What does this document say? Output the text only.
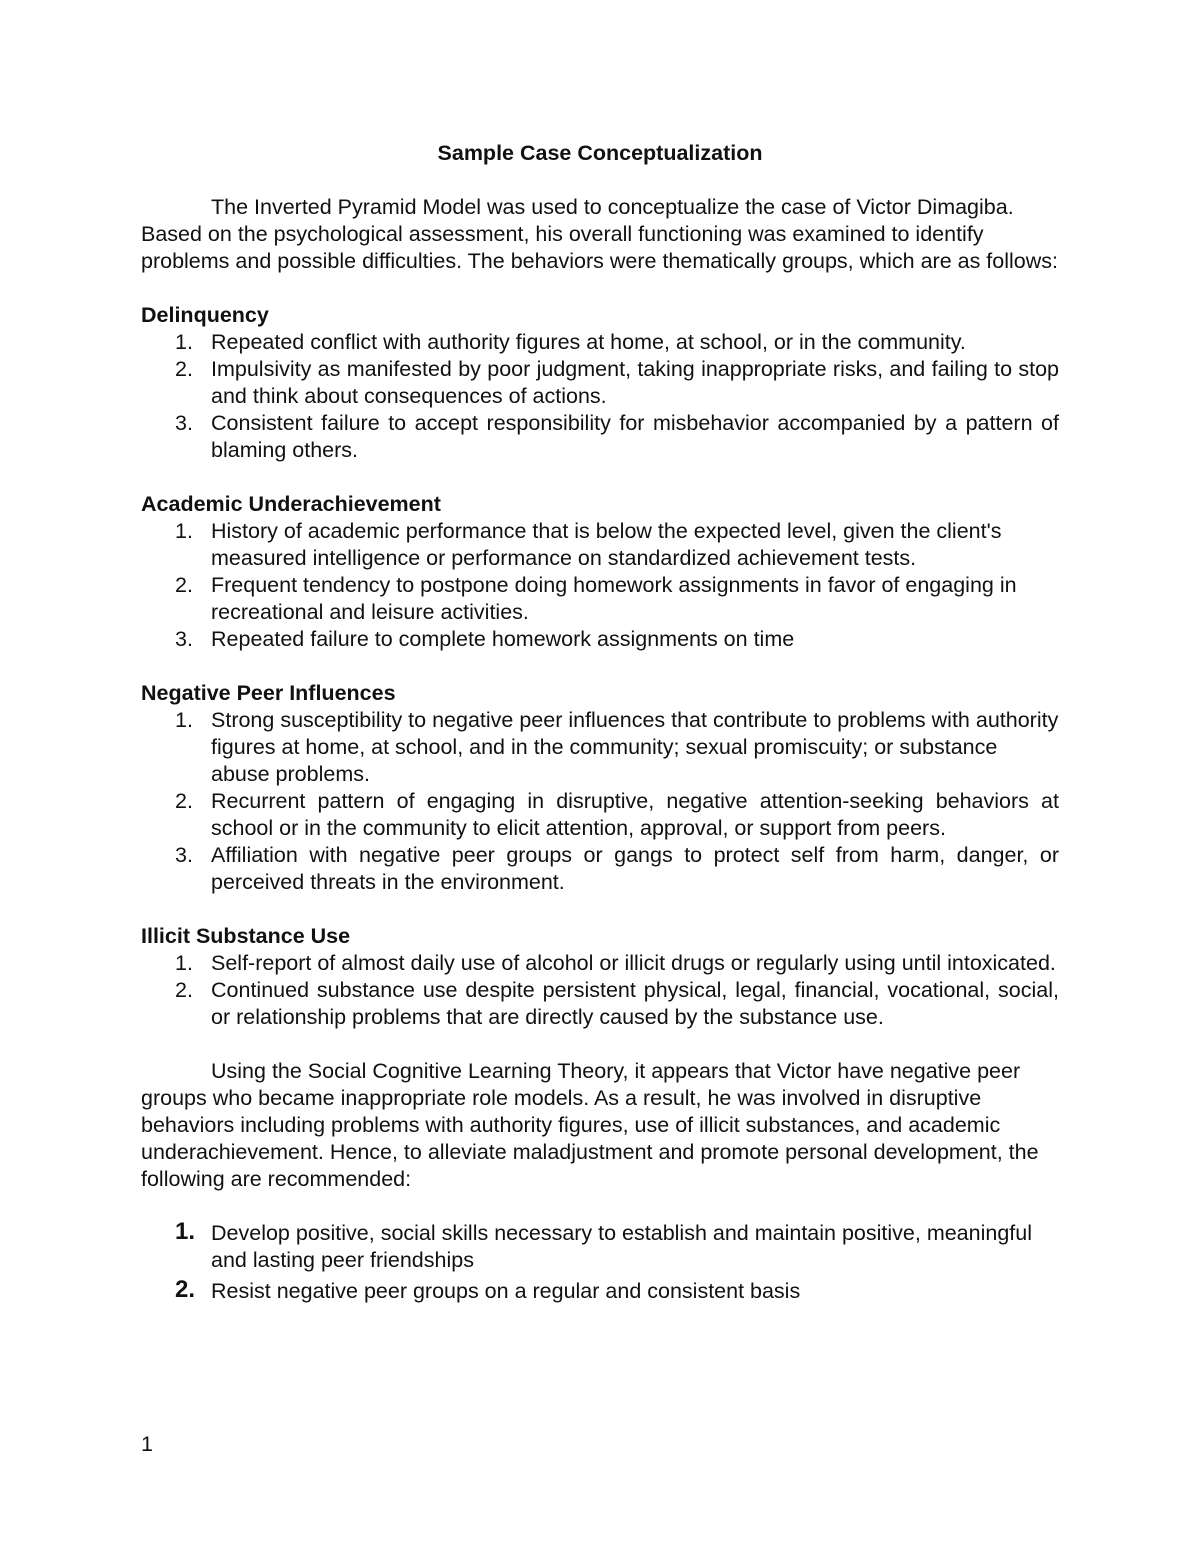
Sample Case Conceptualization

The Inverted Pyramid Model was used to conceptualize the case of Victor Dimagiba. Based on the psychological assessment, his overall functioning was examined to identify problems and possible difficulties. The behaviors were thematically groups, which are as follows:

Delinquency

1. Repeated conflict with authority figures at home, at school, or in the community.
2. Impulsivity as manifested by poor judgment, taking inappropriate risks, and failing to stop and think about consequences of actions.
3. Consistent failure to accept responsibility for misbehavior accompanied by a pattern of blaming others.

Academic Underachievement

1. History of academic performance that is below the expected level, given the client's measured intelligence or performance on standardized achievement tests.
2. Frequent tendency to postpone doing homework assignments in favor of engaging in recreational and leisure activities.
3. Repeated failure to complete homework assignments on time

Negative Peer Influences

1. Strong susceptibility to negative peer influences that contribute to problems with authority figures at home, at school, and in the community; sexual promiscuity; or substance abuse problems.
2. Recurrent pattern of engaging in disruptive, negative attention-seeking behaviors at school or in the community to elicit attention, approval, or support from peers.
3. Affiliation with negative peer groups or gangs to protect self from harm, danger, or perceived threats in the environment.

Illicit Substance Use

1. Self-report of almost daily use of alcohol or illicit drugs or regularly using until intoxicated.
2. Continued substance use despite persistent physical, legal, financial, vocational, social, or relationship problems that are directly caused by the substance use.

Using the Social Cognitive Learning Theory, it appears that Victor have negative peer groups who became inappropriate role models. As a result, he was involved in disruptive behaviors including problems with authority figures, use of illicit substances, and academic underachievement. Hence, to alleviate maladjustment and promote personal development, the following are recommended:

1. Develop positive, social skills necessary to establish and maintain positive, meaningful and lasting peer friendships
2. Resist negative peer groups on a regular and consistent basis
1
